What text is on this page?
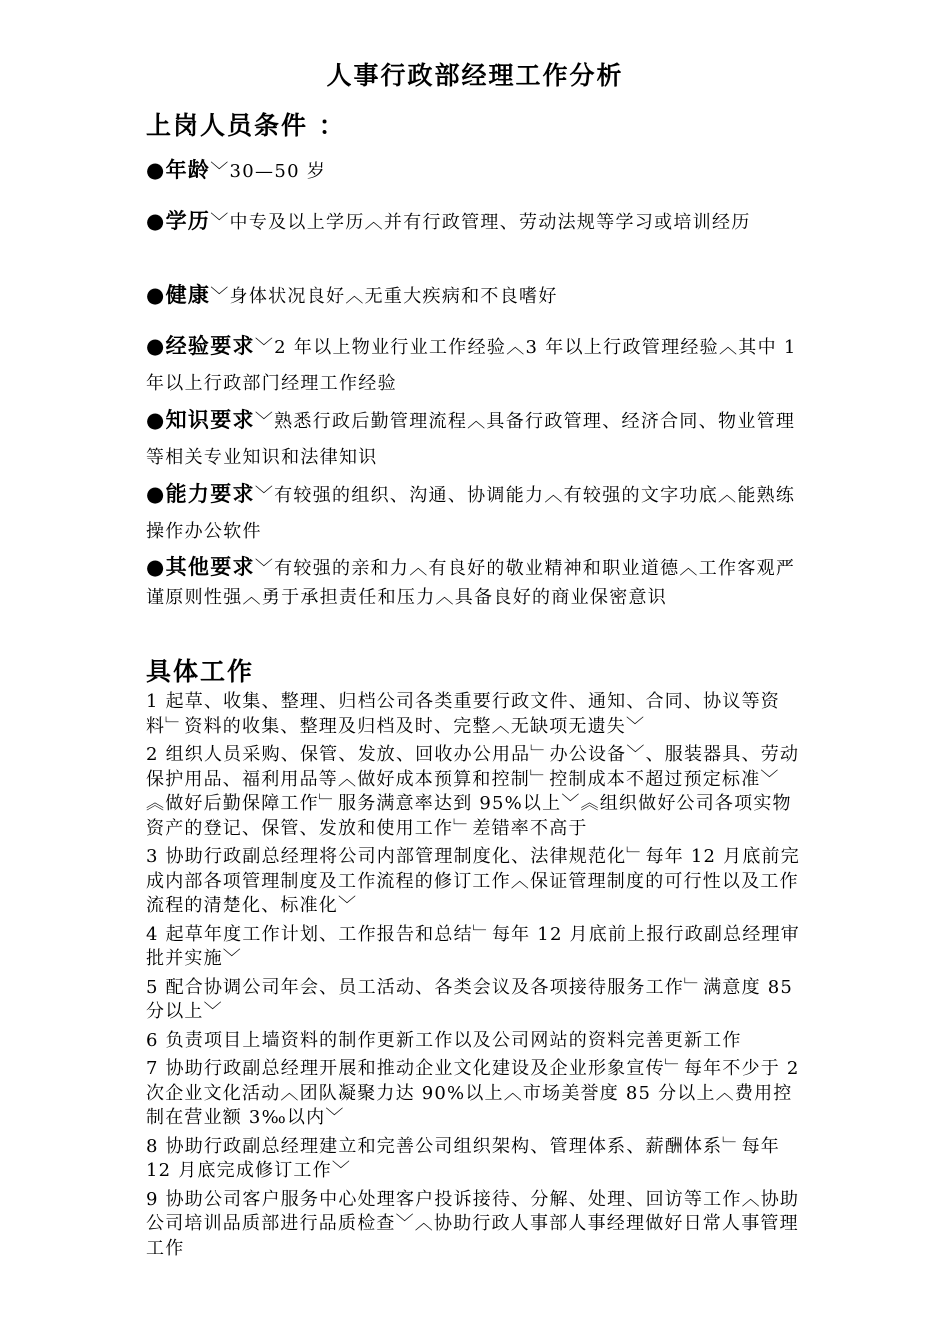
人事行政部经理工作分析
上岗人员条件 ：

●年龄﹀30—50 岁

●学历﹀中专及以上学历︿并有行政管理、劳动法规等学习或培训经历

●健康﹀身体状况良好︿无重大疾病和不良嗜好

●经验要求﹀2 年以上物业行业工作经验︿3 年以上行政管理经验︿其中 1 年以上行政部门经理工作经验

●知识要求﹀熟悉行政后勤管理流程︿具备行政管理、经济合同、物业管理等相关专业知识和法律知识

●能力要求﹀有较强的组织、沟通、协调能力︿有较强的文字功底︿能熟练操作办公软件

●其他要求﹀有较强的亲和力︿有良好的敬业精神和职业道德︿工作客观严谨原则性强︿勇于承担责任和压力︿具备良好的商业保密意识

具体工作

1 起草、收集、整理、归档公司各类重要行政文件、通知、合同、协议等资料﹂资料的收集、整理及归档及时、完整︿无缺项无遗失﹀

2 组织人员采购、保管、发放、回收办公用品﹂办公设备﹀、服装器具、劳动保护用品、福利用品等︿做好成本预算和控制﹂控制成本不超过预定标准﹀︽做好后勤保障工作﹂服务满意率达到 95%以上﹀︽组织做好公司各项实物资产的登记、保管、发放和使用工作﹂差错率不高于

3 协助行政副总经理将公司内部管理制度化、法律规范化﹂每年 12 月底前完成内部各项管理制度及工作流程的修订工作︿保证管理制度的可行性以及工作流程的清楚化、标准化﹀

4 起草年度工作计划、工作报告和总结﹂每年 12 月底前上报行政副总经理审批并实施﹀

5 配合协调公司年会、员工活动、各类会议及各项接待服务工作﹂满意度 85 分以上﹀

6 负责项目上墙资料的制作更新工作以及公司网站的资料完善更新工作

7 协助行政副总经理开展和推动企业文化建设及企业形象宣传﹂每年不少于 2 次企业文化活动︿团队凝聚力达 90%以上︿市场美誉度 85 分以上︿费用控制在营业额 3‰以内﹀

8 协助行政副总经理建立和完善公司组织架构、管理体系、薪酬体系﹂每年 12 月底完成修订工作﹀

9 协助公司客户服务中心处理客户投诉接待、分解、处理、回访等工作︿协助公司培训品质部进行品质检查﹀︿协助行政人事部人事经理做好日常人事管理工作
